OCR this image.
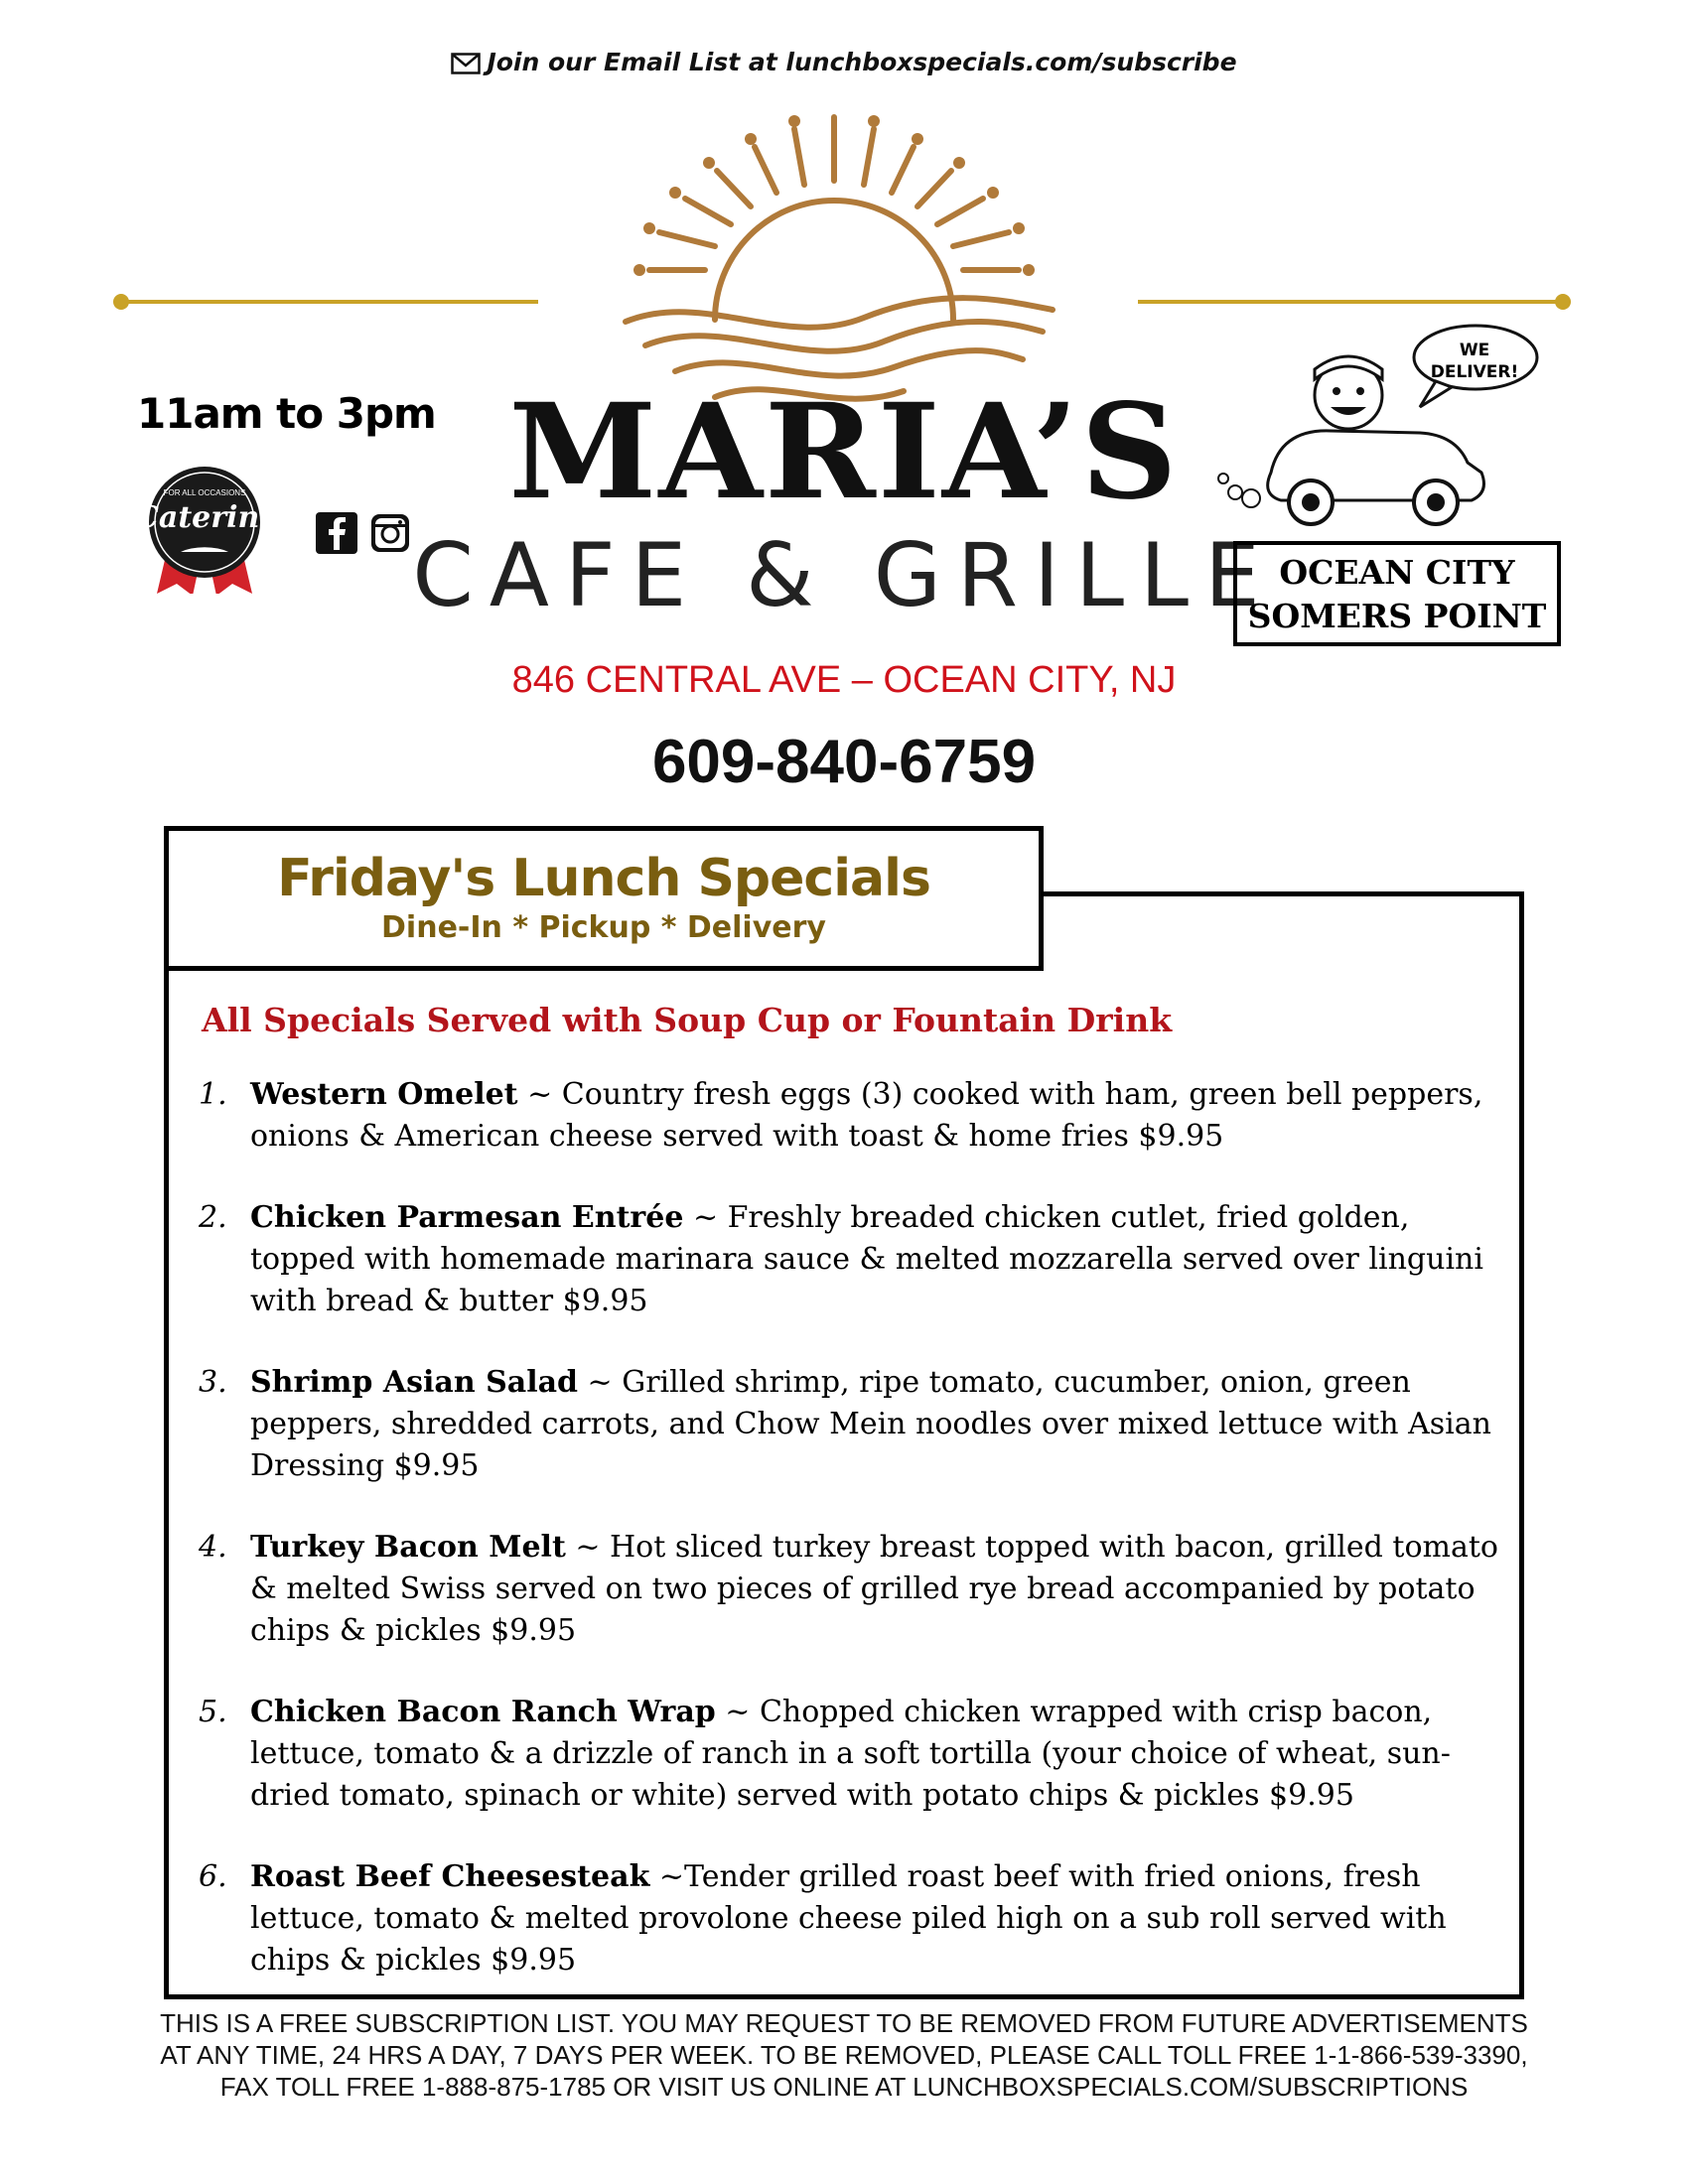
Join our Email List at lunchboxspecials.com/subscribe
11am to 3pm
FOR ALL OCCASIONS
Catering	MARIA’S
CAFE & GRILLE
WE DELIVER!
OCEAN CITY
SOMERS POINT
846 CENTRAL AVE – OCEAN CITY, NJ
609-840-6759
Friday's Lunch Specials
Dine-In * Pickup * Delivery
All Specials Served with Soup Cup or Fountain Drink
1. Western Omelet ~ Country fresh eggs (3) cooked with ham, green bell peppers, onions & American cheese served with toast & home fries $9.95
2. Chicken Parmesan Entrée ~ Freshly breaded chicken cutlet, fried golden, topped with homemade marinara sauce & melted mozzarella served over linguini with bread & butter $9.95
3. Shrimp Asian Salad ~ Grilled shrimp, ripe tomato, cucumber, onion, green peppers, shredded carrots, and Chow Mein noodles over mixed lettuce with Asian Dressing $9.95
4. Turkey Bacon Melt ~ Hot sliced turkey breast topped with bacon, grilled tomato & melted Swiss served on two pieces of grilled rye bread accompanied by potato chips & pickles $9.95
5. Chicken Bacon Ranch Wrap ~ Chopped chicken wrapped with crisp bacon, lettuce, tomato & a drizzle of ranch in a soft tortilla (your choice of wheat, sun-dried tomato, spinach or white) served with potato chips & pickles $9.95
6. Roast Beef Cheesesteak ~Tender grilled roast beef with fried onions, fresh lettuce, tomato & melted provolone cheese piled high on a sub roll served with chips & pickles $9.95
THIS IS A FREE SUBSCRIPTION LIST. YOU MAY REQUEST TO BE REMOVED FROM FUTURE ADVERTISEMENTS
AT ANY TIME, 24 HRS A DAY, 7 DAYS PER WEEK. TO BE REMOVED, PLEASE CALL TOLL FREE 1-1-866-539-3390,
FAX TOLL FREE 1-888-875-1785 OR VISIT US ONLINE AT LUNCHBOXSPECIALS.COM/SUBSCRIPTIONS
